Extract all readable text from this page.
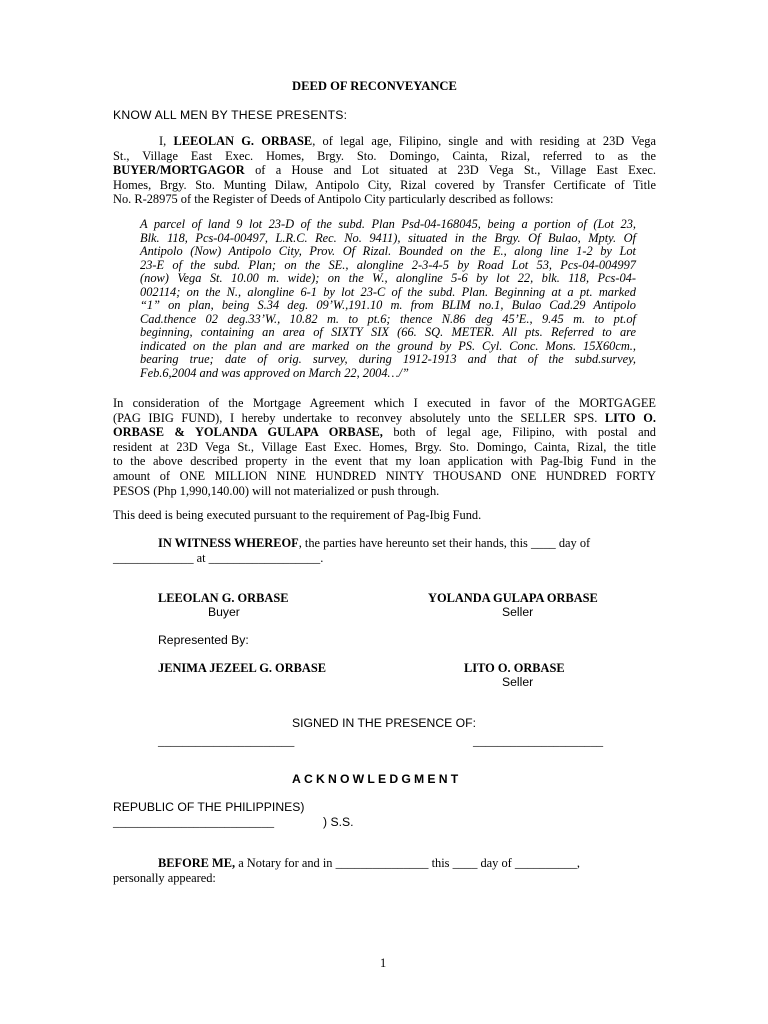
DEED OF RECONVEYANCE
KNOW ALL MEN BY THESE PRESENTS:
I, LEEOLAN G. ORBASE, of legal age, Filipino, single and with residing at 23D Vega
St., Village East Exec. Homes, Brgy. Sto. Domingo, Cainta, Rizal, referred to as the
BUYER/MORTGAGOR of a House and Lot situated at 23D Vega St., Village East Exec.
Homes, Brgy. Sto. Munting Dilaw, Antipolo City, Rizal covered by Transfer Certificate of Title
No. R-28975 of the Register of Deeds of Antipolo City particularly described as follows:
A parcel of land 9 lot 23-D of the subd. Plan Psd-04-168045, being a portion of (Lot 23,
Blk. 118, Pcs-04-00497, L.R.C. Rec. No. 9411), situated in the Brgy. Of Bulao, Mpty. Of
Antipolo (Now) Antipolo City, Prov. Of Rizal. Bounded on the E., along line 1-2 by Lot
23-E of the subd. Plan; on the SE., alongline 2-3-4-5 by Road Lot 53, Pcs-04-004997
(now) Vega St. 10.00 m. wide); on the W., alongline 5-6 by lot 22, blk. 118, Pcs-04-
002114; on the N., alongline 6-1 by lot 23-C of the subd. Plan. Beginning at a pt. marked
“1” on plan, being S.34 deg. 09’W.,191.10 m. from BLIM no.1, Bulao Cad.29 Antipolo
Cad.thence 02 deg.33’W., 10.82 m. to pt.6; thence N.86 deg 45’E., 9.45 m. to pt.of
beginning, containing an area of SIXTY SIX (66. SQ. METER. All pts. Referred to are
indicated on the plan and are marked on the ground by PS. Cyl. Conc. Mons. 15X60cm.,
bearing true; date of orig. survey, during 1912-1913 and that of the subd.survey,
Feb.6,2004 and was approved on March 22, 2004…/”
In consideration of the Mortgage Agreement which I executed in favor of the MORTGAGEE
(PAG IBIG FUND), I hereby undertake to reconvey absolutely unto the SELLER SPS. LITO O.
ORBASE & YOLANDA GULAPA ORBASE, both of legal age, Filipino, with postal and
resident at 23D Vega St., Village East Exec. Homes, Brgy. Sto. Domingo, Cainta, Rizal, the title
to the above described property in the event that my loan application with Pag-Ibig Fund in the
amount of ONE MILLION NINE HUNDRED NINTY THOUSAND ONE HUNDRED FORTY
PESOS (Php 1,990,140.00) will not materialized or push through.
This deed is being executed pursuant to the requirement of Pag-Ibig Fund.
IN WITNESS WHEREOF, the parties have hereunto set their hands, this ____ day of
_____________ at __________________.
LEEOLAN G. ORBASE
Buyer
YOLANDA GULAPA ORBASE
Seller
Represented By:
JENIMA JEZEEL G. ORBASE	LITO O. ORBASE
Seller
SIGNED IN THE PRESENCE OF:
______________________	_____________________
ACKNOWLEDGMENT
REPUBLIC OF THE PHILIPPINES)
__________________________	) S.S.
BEFORE ME, a Notary for and in _______________ this ____ day of __________,
personally appeared:
1
